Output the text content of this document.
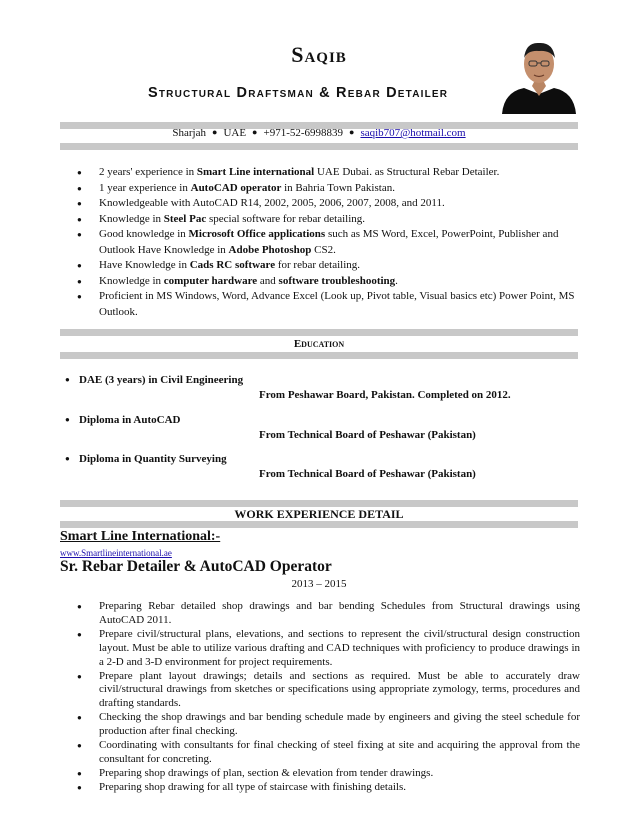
Saqib
Structural Draftsman & Rebar Detailer
Sharjah ● UAE ● +971-52-6998839 ● saqib707@hotmail.com
● 2 years' experience in Smart Line international UAE Dubai. as Structural Rebar Detailer.
● 1 year experience in AutoCAD operator in Bahria Town Pakistan.
● Knowledgeable with AutoCAD R14, 2002, 2005, 2006, 2007, 2008, and 2011.
● Knowledge in Steel Pac special software for rebar detailing.
● Good knowledge in Microsoft Office applications such as MS Word, Excel, PowerPoint, Publisher and Outlook Have Knowledge in Adobe Photoshop CS2.
● Have Knowledge in Cads RC software for rebar detailing.
● Knowledge in computer hardware and software troubleshooting.
● Proficient in MS Windows, Word, Advance Excel (Look up, Pivot table, Visual basics etc) Power Point, MS Outlook.
Education
● DAE (3 years) in Civil Engineering
From Peshawar Board, Pakistan. Completed on 2012.
● Diploma in AutoCAD
From Technical Board of Peshawar (Pakistan)
● Diploma in Quantity Surveying
From Technical Board of Peshawar (Pakistan)
WORK EXPERIENCE DETAIL
Smart Line International:-
www.Smartlineinternational.ae
Sr. Rebar Detailer & AutoCAD Operator
2013 – 2015
● Preparing Rebar detailed shop drawings and bar bending Schedules from Structural drawings using AutoCAD 2011.
● Prepare civil/structural plans, elevations, and sections to represent the civil/structural design construction layout. Must be able to utilize various drafting and CAD techniques with proficiency to produce drawings in a 2-D and 3-D environment for project requirements.
● Prepare plant layout drawings; details and sections as required. Must be able to accurately draw civil/structural drawings from sketches or specifications using appropriate zymology, terms, procedures and drafting standards.
● Checking the shop drawings and bar bending schedule made by engineers and giving the steel schedule for production after final checking.
● Coordinating with consultants for final checking of steel fixing at site and acquiring the approval from the consultant for concreting.
● Preparing shop drawings of plan, section & elevation from tender drawings.
● Preparing shop drawing for all type of staircase with finishing details.
